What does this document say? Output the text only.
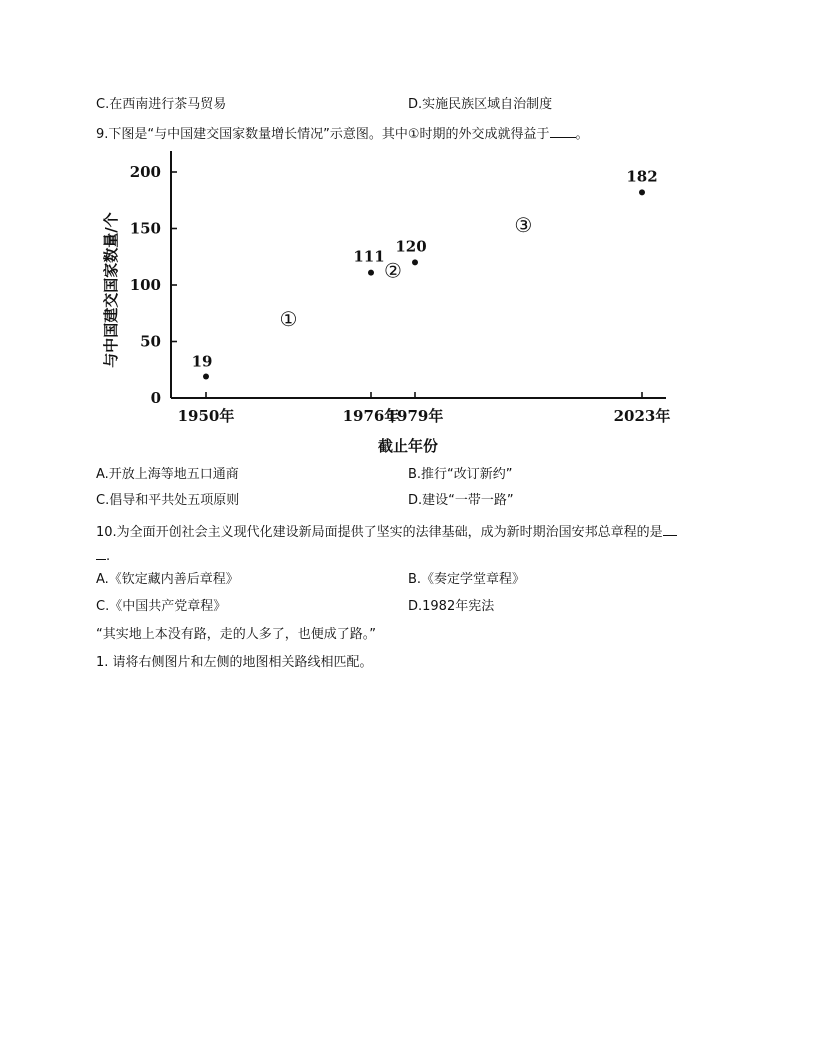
C.在西南进行茶马贸易	D.实施民族区域自治制度
9.下图是“与中国建交国家数量增长情况”示意图。其中①时期的外交成就得益于 。
0
50
100
150
200
1950年	1976年
1979年	2023年
19
111
120
182
①
②
③
截止年份
与中国建交国家数量/个
A.开放上海等地五口通商	B.推行“改订新约”
C.倡导和平共处五项原则	D.建设“一带一路”
10.为全面开创社会主义现代化建设新局面提供了坚实的法律基础，成为新时期治国安邦总章程的是
.
A.《钦定藏内善后章程》	B.《奏定学堂章程》
C.《中国共产党章程》	D.1982年宪法
“其实地上本没有路，走的人多了，也便成了路。”
1. 请将右侧图片和左侧的地图相关路线相匹配。
